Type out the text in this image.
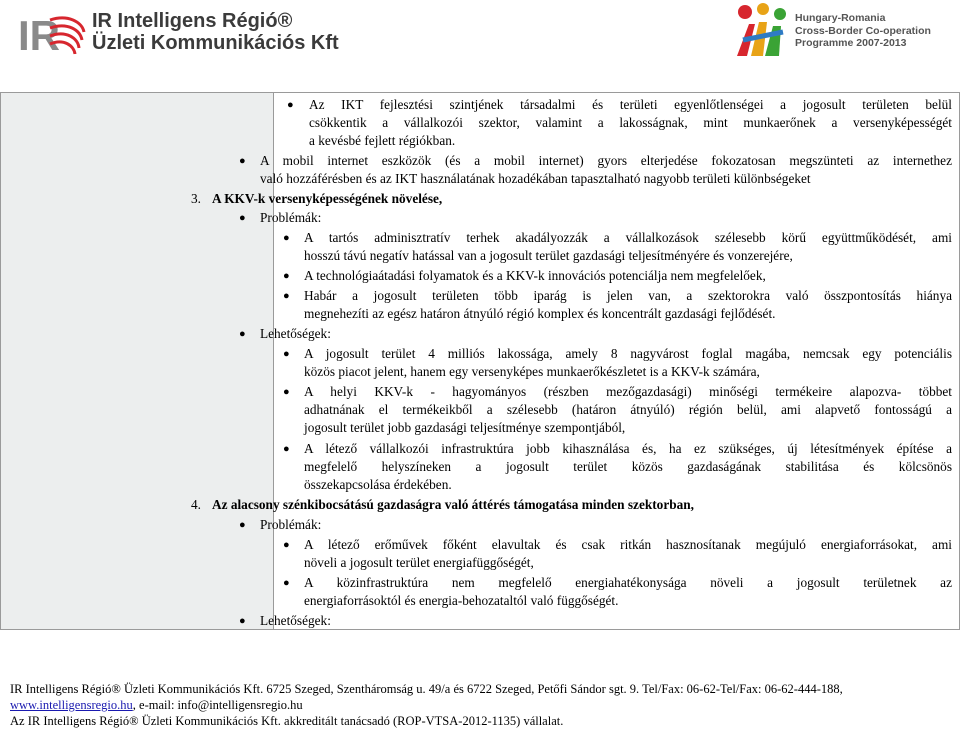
IR IR Intelligens Régió®
Üzleti Kommunikációs Kft
Hungary-Romania
Cross-Border Co-operation
Programme 2007-2013
● Az IKT fejlesztési szintjének társadalmi és területi egyenlőtlenségei a jogosult területen belül
csökkentik a vállalkozói szektor, valamint a lakosságnak, mint munkaerőnek a versenyképességét
a kevésbé fejlett régiókban.
● A mobil internet eszközök (és a mobil internet) gyors elterjedése fokozatosan megszünteti az internethez
való hozzáférésben és az IKT használatának hozadékában tapasztalható nagyobb területi különbségeket
3. A KKV-k versenyképességének növelése,
● Problémák:
● A tartós adminisztratív terhek akadályozzák a vállalkozások szélesebb körű együttműködését, ami
hosszú távú negatív hatással van a jogosult terület gazdasági teljesítményére és vonzerejére,
● A technológiaátadási folyamatok és a KKV-k innovációs potenciálja nem megfelelőek,
● Habár a jogosult területen több iparág is jelen van, a szektorokra való összpontosítás hiánya
megnehezíti az egész határon átnyúló régió komplex és koncentrált gazdasági fejlődését.
● Lehetőségek:
● A jogosult terület 4 milliós lakossága, amely 8 nagyvárost foglal magába, nemcsak egy potenciális
közös piacot jelent, hanem egy versenyképes munkaerőkészletet is a KKV-k számára,
● A helyi KKV-k - hagyományos (részben mezőgazdasági) minőségi termékeire alapozva- többet
adhatnának el termékeikből a szélesebb (határon átnyúló) régión belül, ami alapvető fontosságú a
jogosult terület jobb gazdasági teljesítménye szempontjából,
● A létező vállalkozói infrastruktúra jobb kihasználása és, ha ez szükséges, új létesítmények építése a
megfelelő helyszíneken a jogosult terület közös gazdaságának stabilitása és kölcsönös
összekapcsolása érdekében.
4. Az alacsony szénkibocsátású gazdaságra való áttérés támogatása minden szektorban,
● Problémák:
● A létező erőművek főként elavultak és csak ritkán hasznosítanak megújuló energiaforrásokat, ami
növeli a jogosult terület energiafüggőségét,
● A közinfrastruktúra nem megfelelő energiahatékonysága növeli a jogosult területnek az
energiaforrásoktól és energia-behozataltól való függőségét.
● Lehetőségek:
IR Intelligens Régió® Üzleti Kommunikációs Kft. 6725 Szeged, Szentháromság u. 49/a és 6722 Szeged, Petőfi Sándor sgt. 9. Tel/Fax: 06-62-Tel/Fax: 06-62-444-188,
www.intelligensregio.hu, e-mail: info@intelligensregio.hu
Az IR Intelligens Régió® Üzleti Kommunikációs Kft. akkreditált tanácsadó (ROP-VTSA-2012-1135) vállalat.
